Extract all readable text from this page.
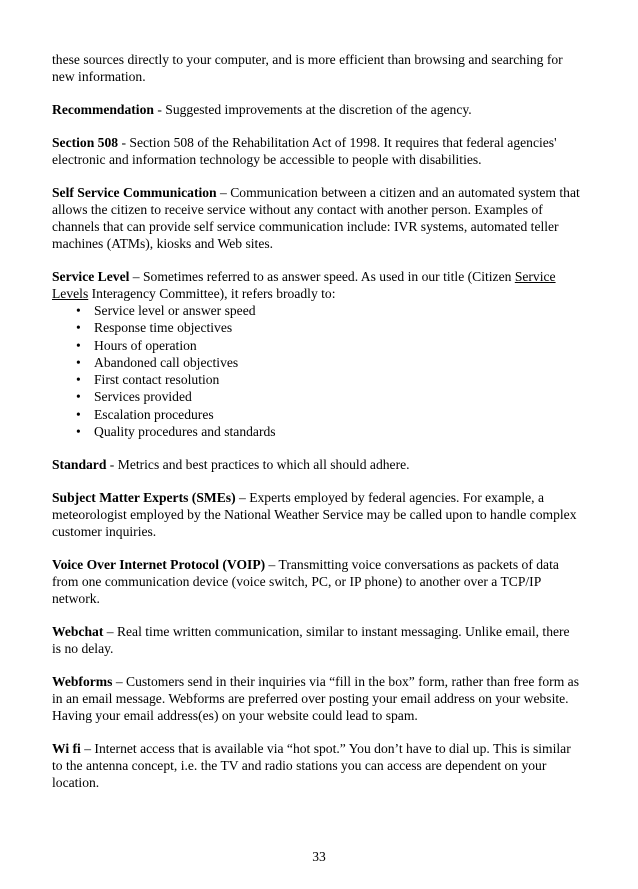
these sources directly to your computer, and is more efficient than browsing and searching for new information.

Recommendation - Suggested improvements at the discretion of the agency.

Section 508 - Section 508 of the Rehabilitation Act of 1998. It requires that federal agencies' electronic and information technology be accessible to people with disabilities.

Self Service Communication – Communication between a citizen and an automated system that allows the citizen to receive service without any contact with another person. Examples of channels that can provide self service communication include: IVR systems, automated teller machines (ATMs), kiosks and Web sites.

Service Level – Sometimes referred to as answer speed. As used in our title (Citizen Service Levels Interagency Committee), it refers broadly to:
• Service level or answer speed
• Response time objectives
• Hours of operation
• Abandoned call objectives
• First contact resolution
• Services provided
• Escalation procedures
• Quality procedures and standards

Standard - Metrics and best practices to which all should adhere.

Subject Matter Experts (SMEs) – Experts employed by federal agencies. For example, a meteorologist employed by the National Weather Service may be called upon to handle complex customer inquiries.

Voice Over Internet Protocol (VOIP) – Transmitting voice conversations as packets of data from one communication device (voice switch, PC, or IP phone) to another over a TCP/IP network.

Webchat – Real time written communication, similar to instant messaging. Unlike email, there is no delay.

Webforms – Customers send in their inquiries via “fill in the box” form, rather than free form as in an email message. Webforms are preferred over posting your email address on your website. Having your email address(es) on your website could lead to spam.

Wi fi – Internet access that is available via “hot spot.” You don’t have to dial up. This is similar to the antenna concept, i.e. the TV and radio stations you can access are dependent on your location.

33
